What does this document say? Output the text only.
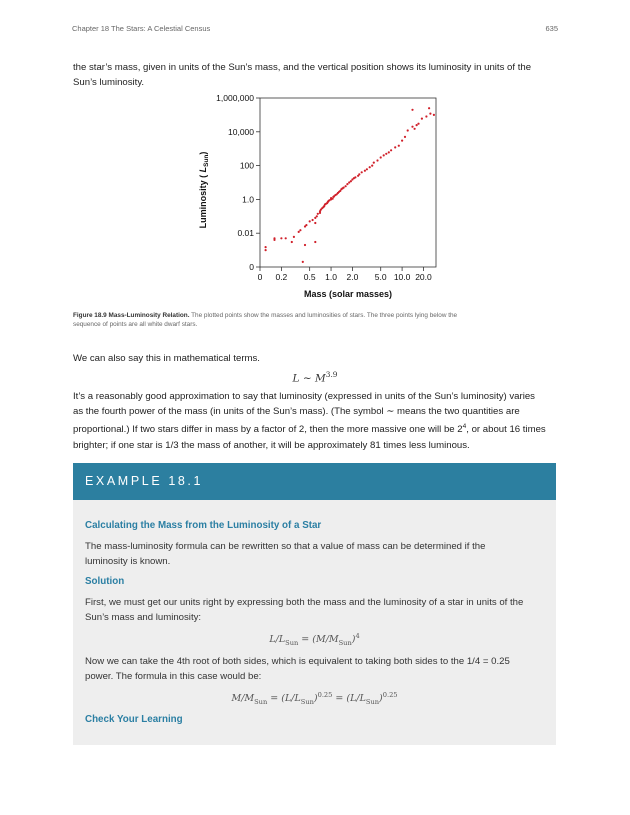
Chapter 18 The Stars: A Celestial Census	635
the star’s mass, given in units of the Sun’s mass, and the vertical position shows its luminosity in units of the
Sun’s luminosity.
0
0.01
1.0
100
10,000
1,000,000
0 0.2 0.5 1.0 2.0 5.0 10.0 20.0
Mass (solar masses)
Luminosity ( $L_{Sun}$)
Figure 18.9 Mass-Luminosity Relation. The plotted points show the masses and luminosities of stars. The three points lying below the
sequence of points are all white dwarf stars.
We can also say this in mathematical terms.
L ∼ $M^{3.9}$
It’s a reasonably good approximation to say that luminosity (expressed in units of the Sun’s luminosity) varies
as the fourth power of the mass (in units of the Sun’s mass). (The symbol ∼ means the two quantities are
proportional.) If two stars differ in mass by a factor of 2, then the more massive one will be $2^4$, or about 16 times
brighter; if one star is 1/3 the mass of another, it will be approximately 81 times less luminous.
EXAMPLE 18.1
Calculating the Mass from the Luminosity of a Star
The mass-luminosity formula can be rewritten so that a value of mass can be determined if the
luminosity is known.
Solution
First, we must get our units right by expressing both the mass and the luminosity of a star in units of the
Sun’s mass and luminosity:
$L/L_{Sun} = (M/M_{Sun})^4$
Now we can take the 4th root of both sides, which is equivalent to taking both sides to the 1/4 = 0.25
power. The formula in this case would be:
$M/M_{Sun} = (L/L_{Sun})^{0.25} = (L/L_{Sun})^{0.25}$
Check Your Learning
